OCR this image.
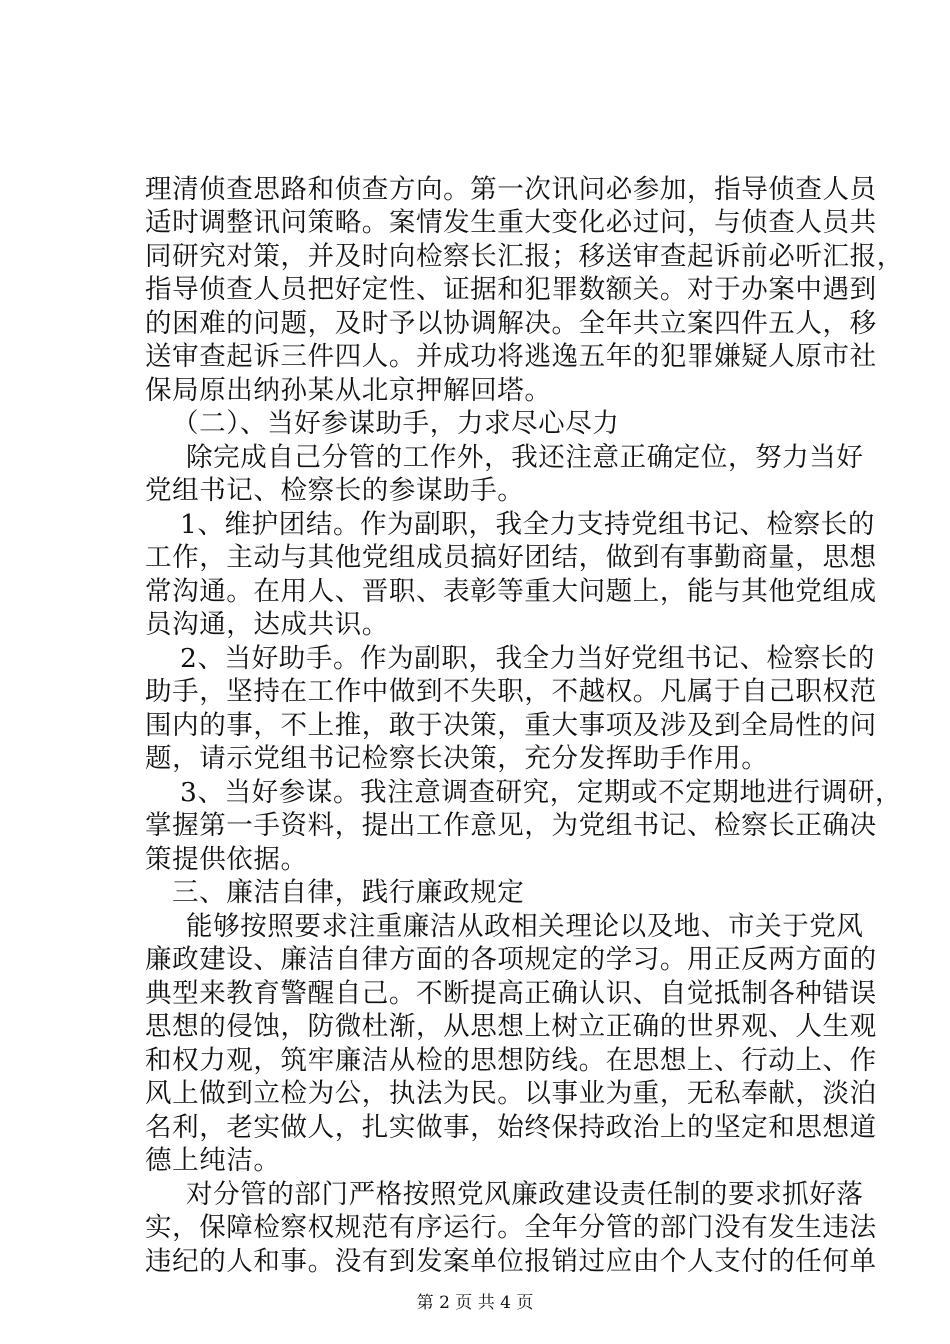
理清侦查思路和侦查方向。第一次讯问必参加，指导侦查人员
适时调整讯问策略。案情发生重大变化必过问，与侦查人员共
同研究对策，并及时向检察长汇报；移送审查起诉前必听汇报，
指导侦查人员把好定性、证据和犯罪数额关。对于办案中遇到
的困难的问题，及时予以协调解决。全年共立案四件五人，移
送审查起诉三件四人。并成功将逃逸五年的犯罪嫌疑人原市社
保局原出纳孙某从北京押解回塔。
（二）、当好参谋助手，力求尽心尽力
除完成自己分管的工作外，我还注意正确定位，努力当好
党组书记、检察长的参谋助手。
1、维护团结。作为副职，我全力支持党组书记、检察长的
工作，主动与其他党组成员搞好团结，做到有事勤商量，思想
常沟通。在用人、晋职、表彰等重大问题上，能与其他党组成
员沟通，达成共识。
2、当好助手。作为副职，我全力当好党组书记、检察长的
助手，坚持在工作中做到不失职，不越权。凡属于自己职权范
围内的事，不上推，敢于决策，重大事项及涉及到全局性的问
题，请示党组书记检察长决策，充分发挥助手作用。
3、当好参谋。我注意调查研究，定期或不定期地进行调研，
掌握第一手资料，提出工作意见，为党组书记、检察长正确决
策提供依据。
三、廉洁自律，践行廉政规定
能够按照要求注重廉洁从政相关理论以及地、市关于党风
廉政建设、廉洁自律方面的各项规定的学习。用正反两方面的
典型来教育警醒自己。不断提高正确认识、自觉抵制各种错误
思想的侵蚀，防微杜渐，从思想上树立正确的世界观、人生观
和权力观，筑牢廉洁从检的思想防线。在思想上、行动上、作
风上做到立检为公，执法为民。以事业为重，无私奉献，淡泊
名利，老实做人，扎实做事，始终保持政治上的坚定和思想道
德上纯洁。
对分管的部门严格按照党风廉政建设责任制的要求抓好落
实，保障检察权规范有序运行。全年分管的部门没有发生违法
违纪的人和事。没有到发案单位报销过应由个人支付的任何单
第 2 页 共 4 页
